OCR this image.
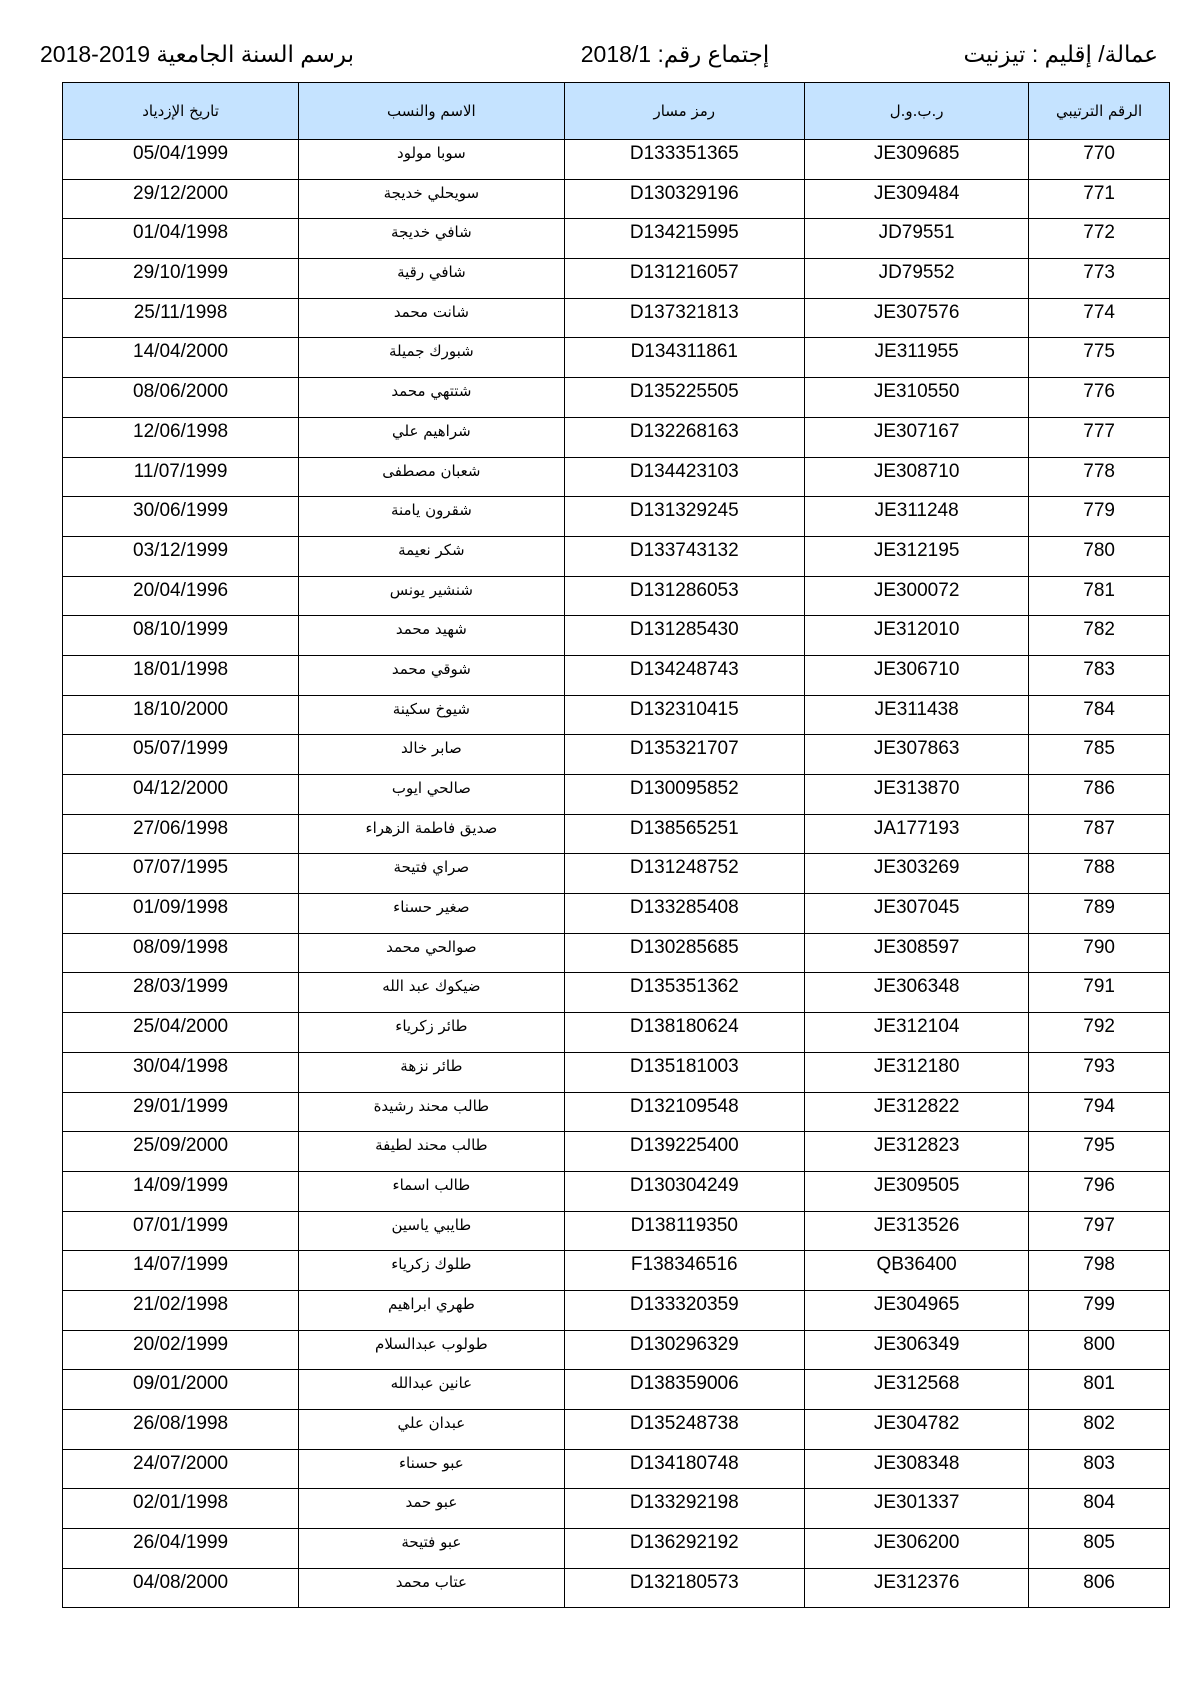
عمالة/ إقليم : تيزنيت
إجتماع رقم: 2018/1
برسم السنة الجامعية 2018-2019
الرقم الترتيبي	ر.ب.و.ل	رمز مسار	الاسم والنسب	تاريخ الإزدياد
770	JE309685	D133351365	سوبا مولود	05/04/1999
771	JE309484	D130329196	سويحلي خديجة	29/12/2000
772	JD79551	D134215995	شافي خديجة	01/04/1998
773	JD79552	D131216057	شافي رقية	29/10/1999
774	JE307576	D137321813	شانت محمد	25/11/1998
775	JE311955	D134311861	شبورك جميلة	14/04/2000
776	JE310550	D135225505	شتتهي محمد	08/06/2000
777	JE307167	D132268163	شراهيم علي	12/06/1998
778	JE308710	D134423103	شعبان مصطفى	11/07/1999
779	JE311248	D131329245	شقرون يامنة	30/06/1999
780	JE312195	D133743132	شكر نعيمة	03/12/1999
781	JE300072	D131286053	شنشير يونس	20/04/1996
782	JE312010	D131285430	شهيد محمد	08/10/1999
783	JE306710	D134248743	شوقي محمد	18/01/1998
784	JE311438	D132310415	شيوخ سكينة	18/10/2000
785	JE307863	D135321707	صابر خالد	05/07/1999
786	JE313870	D130095852	صالحي ايوب	04/12/2000
787	JA177193	D138565251	صديق فاطمة الزهراء	27/06/1998
788	JE303269	D131248752	صراي فتيحة	07/07/1995
789	JE307045	D133285408	صغير حسناء	01/09/1998
790	JE308597	D130285685	صوالحي محمد	08/09/1998
791	JE306348	D135351362	ضيكوك عبد الله	28/03/1999
792	JE312104	D138180624	طائر زكرياء	25/04/2000
793	JE312180	D135181003	طائر نزهة	30/04/1998
794	JE312822	D132109548	طالب محند رشيدة	29/01/1999
795	JE312823	D139225400	طالب محند لطيفة	25/09/2000
796	JE309505	D130304249	طالب اسماء	14/09/1999
797	JE313526	D138119350	طايبي ياسين	07/01/1999
798	QB36400	F138346516	طلوك زكرياء	14/07/1999
799	JE304965	D133320359	طهري ابراهيم	21/02/1998
800	JE306349	D130296329	طولوب عبدالسلام	20/02/1999
801	JE312568	D138359006	عانين عبدالله	09/01/2000
802	JE304782	D135248738	عبدان علي	26/08/1998
803	JE308348	D134180748	عبو حسناء	24/07/2000
804	JE301337	D133292198	عبو حمد	02/01/1998
805	JE306200	D136292192	عبو فتيحة	26/04/1999
806	JE312376	D132180573	عتاب محمد	04/08/2000
